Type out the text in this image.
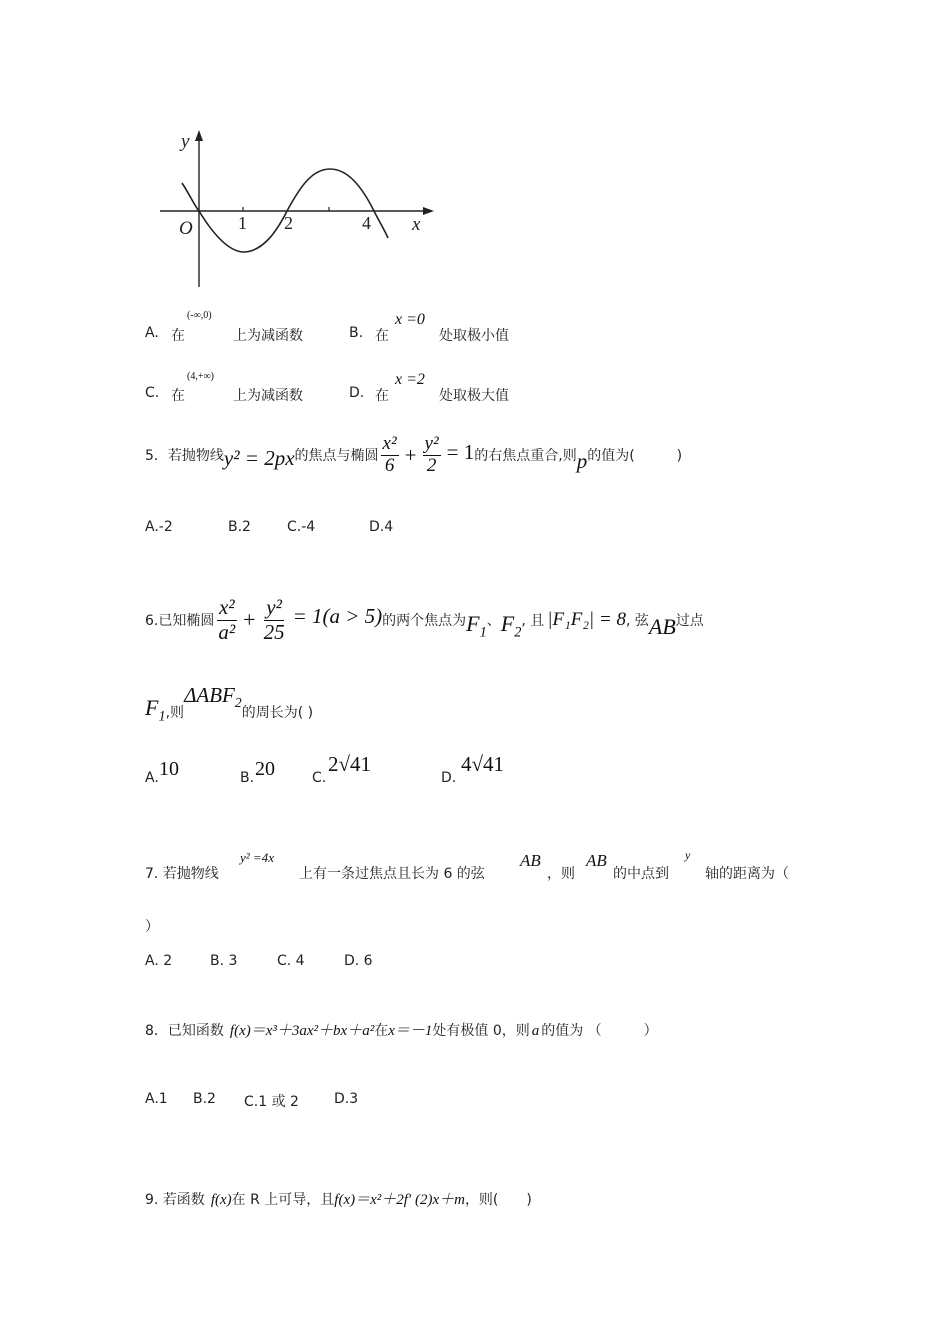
y
x
O	1 2	4
A. 在
(-∞,0)
上为减函数	B. 在
x =0
处取极小值
C. 在
(4,+∞)
上为减函数	D. 在
x =2
处取极大值
5．若抛物线 y² = 2px 的焦点与椭圆 $\frac{\text{x²}}{6} + \frac{\text{y²}}{2} = 1$ 的右焦点重合,则 p 的值为(　　　)
A.-2	B.2	C.-4	D.4
6.已知椭圆 $\frac{\text{x²}}{\text{a²}} + \frac{\text{y²}}{25} = 1(a > 5)$ 的两个焦点为 $F_1$
、 $F_2$
, 且 |F₁F₂| = 8 , 弦 AB 过点
$F_1$ ,则
$\Delta ABF_2$
的周长为( )
A. 10	B. 20	C.
2√41
D.
4√41
7. 若抛物线
y² =4x
上有一条过焦点且长为 6 的弦
AB
，则
AB
的中点到
y
轴的距离为（
）
A. 2	B. 3	C. 4	D. 6
8．已知函数 f(x)＝x³＋3ax²＋bx＋a² 在 x＝－1 处有极值 0，则 a 的值为 （　　　）
A.1 B.2 C.1 或 2	D.3
9. 若函数 f(x) 在 R 上可导，且 f(x)＝x²＋2f′ (2)x＋m ，则(　　)
